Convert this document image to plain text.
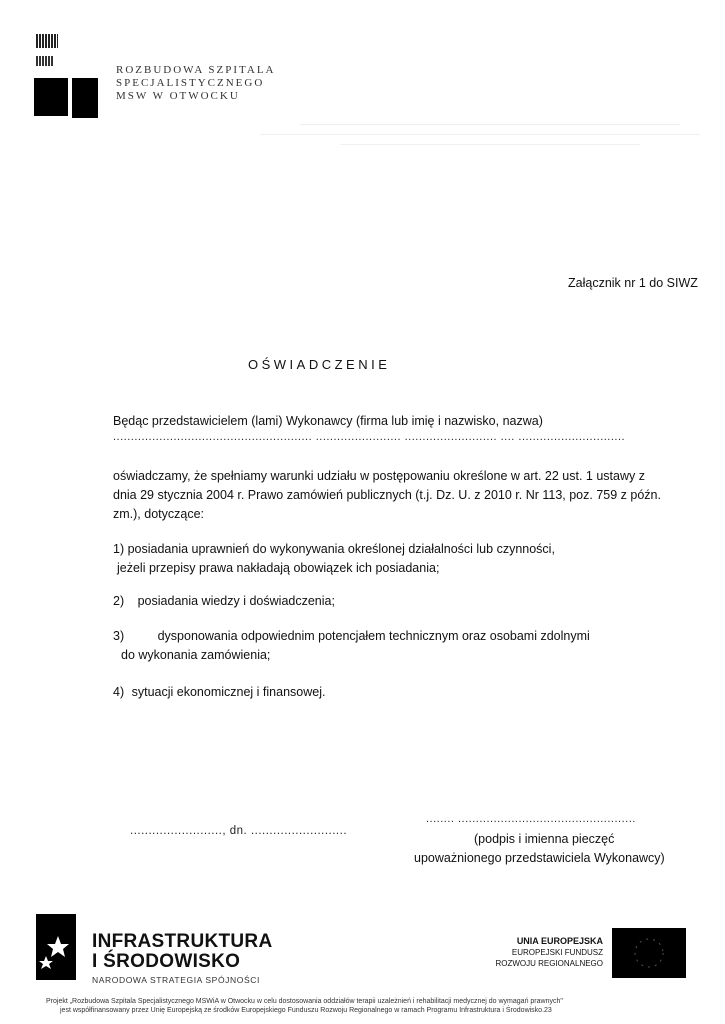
ROZBUDOWA SZPITALA
SPECJALISTYCZNEGO
MSW W OTWOCKU
Załącznik nr 1 do SIWZ
OŚWIADCZENIE
Będąc przedstawicielem (lami) Wykonawcy (firma lub imię i nazwisko, nazwa)
........................................................ ........................ .......................... .... ..............................
oświadczamy, że spełniamy warunki udziału w postępowaniu określone w art. 22 ust. 1 ustawy z
dnia 29 stycznia 2004 r. Prawo zamówień publicznych (t.j. Dz. U. z 2010 r. Nr 113, poz. 759 z późn.
zm.), dotyczące:
1) posiadania uprawnień do wykonywania określonej działalności lub czynności,
jeżeli przepisy prawa nakładają obowiązek ich posiadania;
2) posiadania wiedzy i doświadczenia;
3)	dysponowania odpowiednim potencjałem technicznym oraz osobami zdolnymi
do wykonania zamówienia;
4) sytuacji ekonomicznej i finansowej.
........................., dn. ..........................
........ ..................................................
(podpis i imienna pieczęć
upoważnionego przedstawiciela Wykonawcy)
INFRASTRUKTURA
I ŚRODOWISKO
NARODOWA STRATEGIA SPÓJNOŚCI
UNIA EUROPEJSKA
EUROPEJSKI FUNDUSZ
ROZWOJU REGIONALNEGO
Projekt „Rozbudowa Szpitala Specjalistycznego MSWiA w Otwocku w celu dostosowania oddziałów terapii uzależnień i rehabilitacji medycznej do wymagań prawnych"
jest współfinansowany przez Unię Europejską ze środków Europejskiego Funduszu Rozwoju Regionalnego w ramach Programu Infrastruktura i Środowisko.23
